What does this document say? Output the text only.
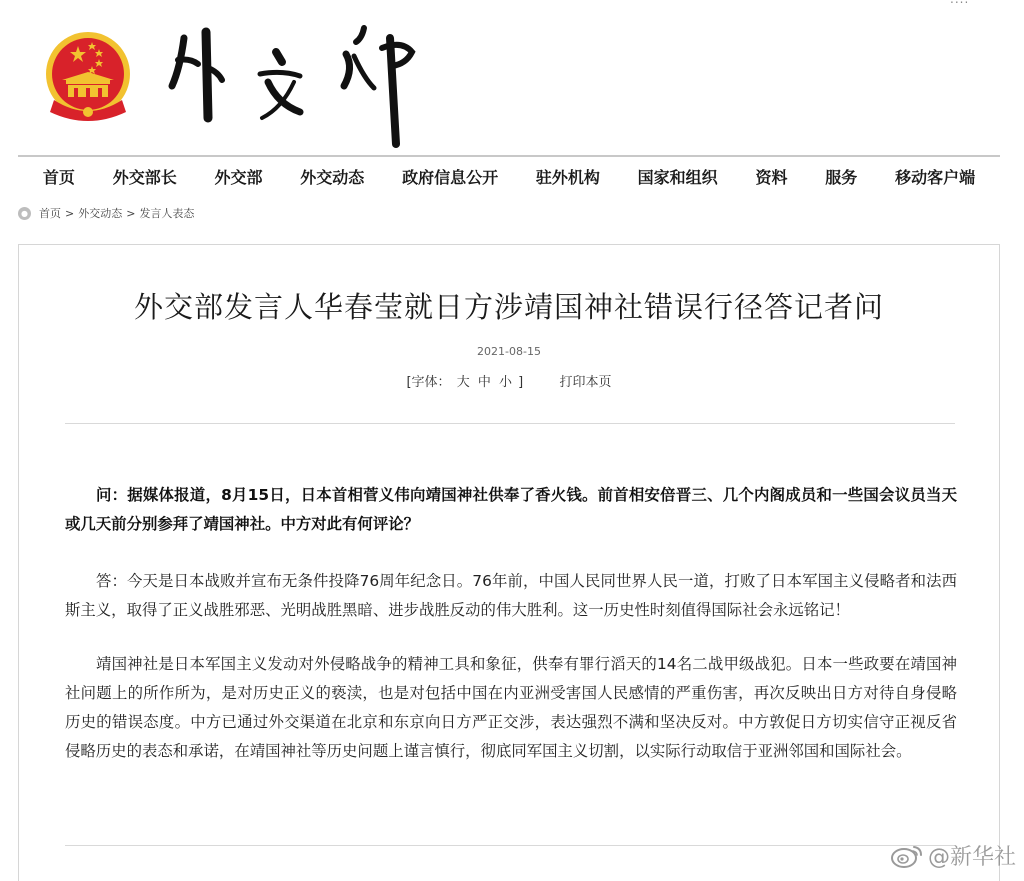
首页 外交部长 外交部 外交动态 政府信息公开 驻外机构 国家和组织 资料 服务 移动客户端
● 首页 > 外交动态 > 发言人表态
外交部发言人华春莹就日方涉靖国神社错误行径答记者问
2021-08-15
[字体： 大 中 小 ]	打印本页

问：据媒体报道，8月15日，日本首相菅义伟向靖国神社供奉了香火钱。前首相安倍晋三、几个内阁成员和一些国会议员当天或几天前分别参拜了靖国神社。中方对此有何评论？

答：今天是日本战败并宣布无条件投降76周年纪念日。76年前，中国人民同世界人民一道，打败了日本军国主义侵略者和法西斯主义，取得了正义战胜邪恶、光明战胜黑暗、进步战胜反动的伟大胜利。这一历史性时刻值得国际社会永远铭记！

靖国神社是日本军国主义发动对外侵略战争的精神工具和象征，供奉有罪行滔天的14名二战甲级战犯。日本一些政要在靖国神社问题上的所作所为，是对历史正义的亵渎，也是对包括中国在内亚洲受害国人民感情的严重伤害，再次反映出日方对待自身侵略历史的错误态度。中方已通过外交渠道在北京和东京向日方严正交涉，表达强烈不满和坚决反对。中方敦促日方切实信守正视反省侵略历史的表态和承诺，在靖国神社等历史问题上谨言慎行，彻底同军国主义切割，以实际行动取信于亚洲邻国和国际社会。

@新华社
